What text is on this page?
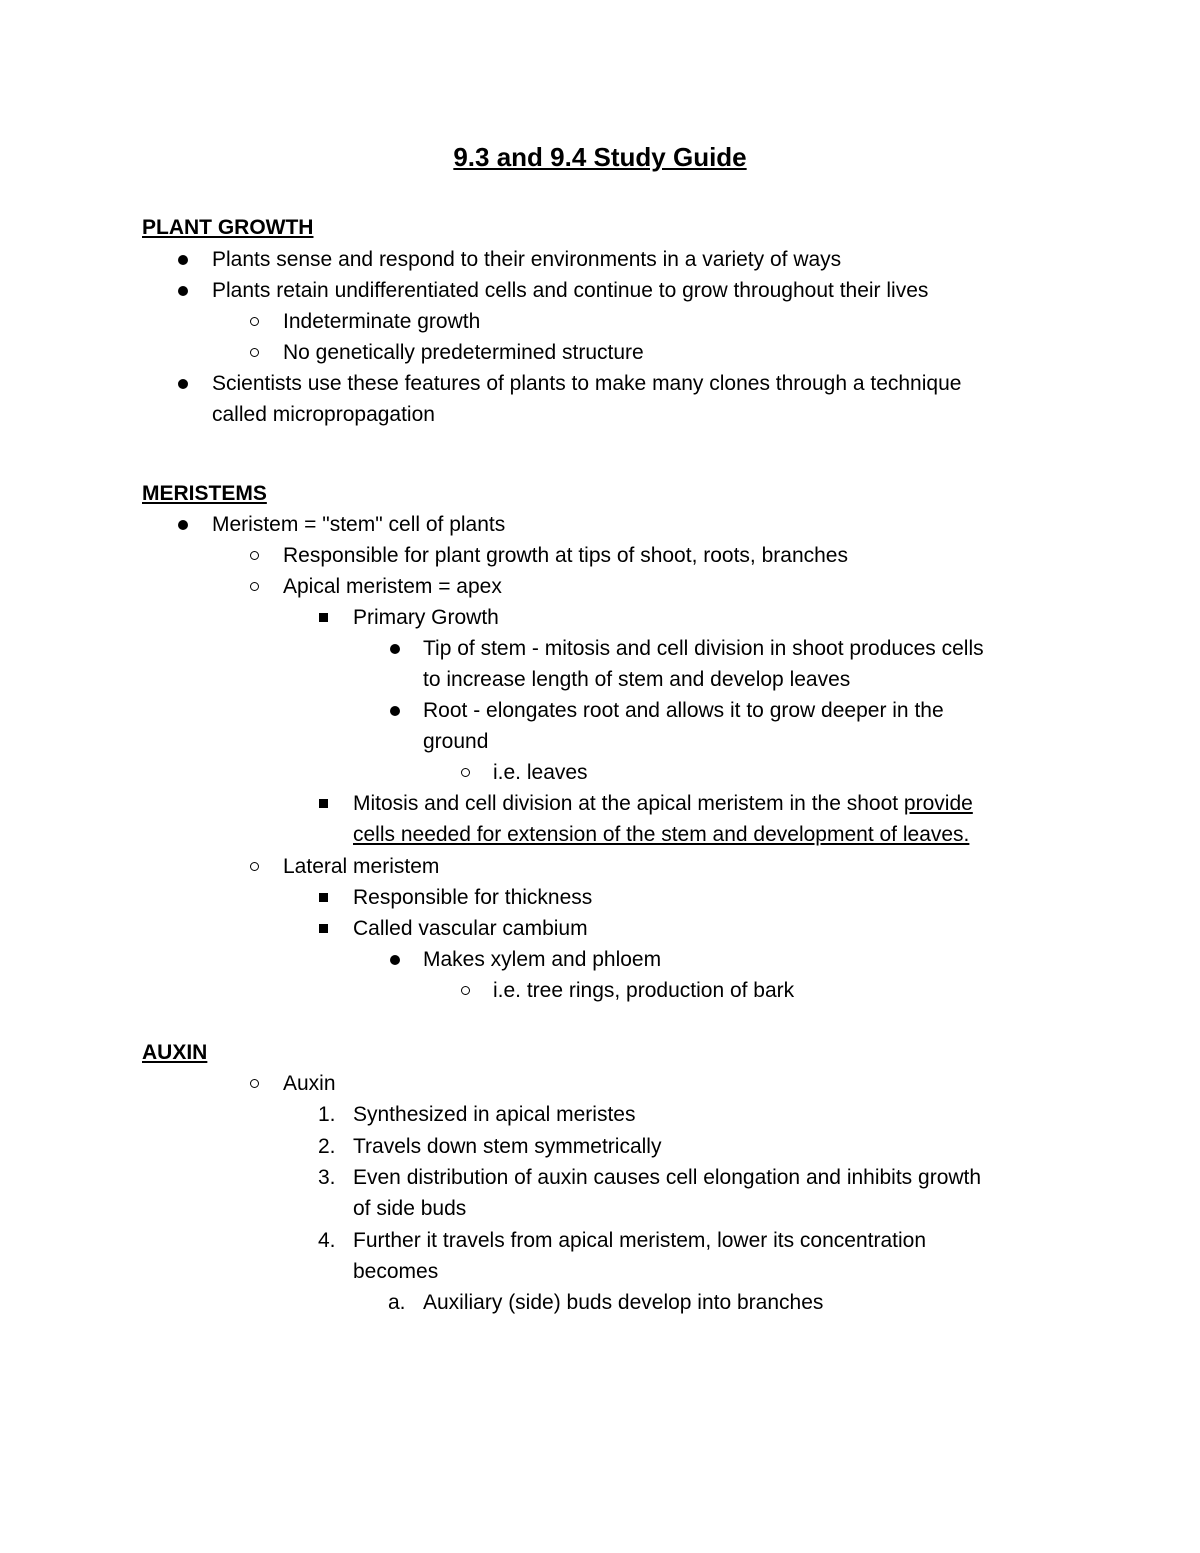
9.3 and 9.4 Study Guide
PLANT GROWTH
Plants sense and respond to their environments in a variety of ways
Plants retain undifferentiated cells and continue to grow throughout their lives
Indeterminate growth
No genetically predetermined structure
Scientists use these features of plants to make many clones through a technique
called micropropagation
MERISTEMS
Meristem = "stem" cell of plants
Responsible for plant growth at tips of shoot, roots, branches
Apical meristem = apex
Primary Growth
Tip of stem - mitosis and cell division in shoot produces cells
to increase length of stem and develop leaves
Root - elongates root and allows it to grow deeper in the
ground
i.e. leaves
Mitosis and cell division at the apical meristem in the shoot provide
cells needed for extension of the stem and development of leaves.
Lateral meristem
Responsible for thickness
Called vascular cambium
Makes xylem and phloem
i.e. tree rings, production of bark
AUXIN
Auxin
1. Synthesized in apical meristes
2. Travels down stem symmetrically
3. Even distribution of auxin causes cell elongation and inhibits growth
of side buds
4. Further it travels from apical meristem, lower its concentration
becomes
a. Auxiliary (side) buds develop into branches
